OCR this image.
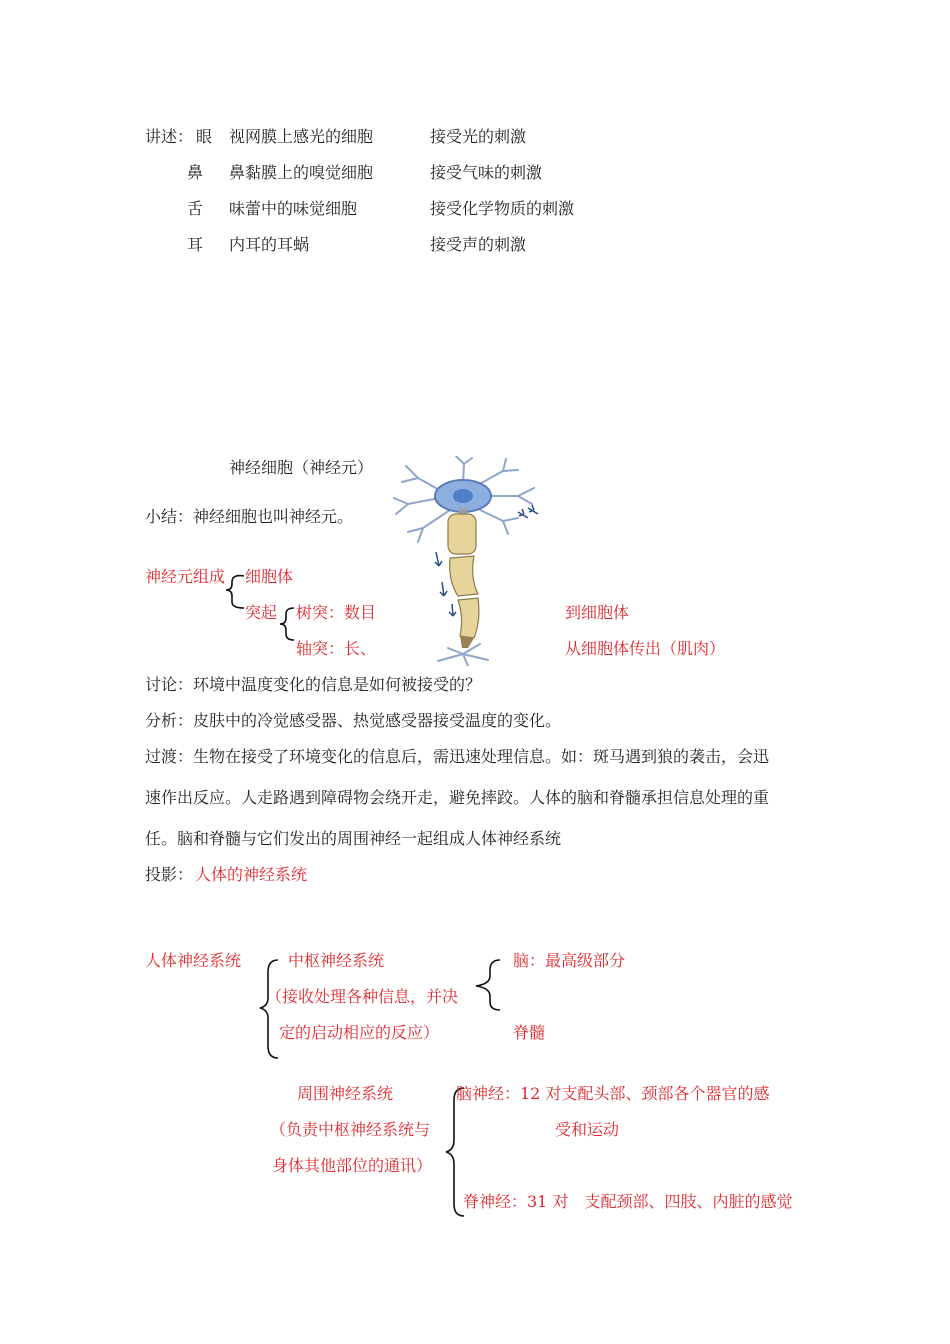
讲述： 眼 视网膜上感光的细胞	接受光的刺激
鼻 鼻黏膜上的嗅觉细胞	接受气味的刺激
舌 味蕾中的味觉细胞	接受化学物质的刺激
耳 内耳的耳蜗	接受声的刺激
神经细胞（神经元）
小结：神经细胞也叫神经元。
神经元组成 细胞体
突起 树突：数目
轴突：长、
到细胞体
从细胞体传出（肌肉）
讨论：环境中温度变化的信息是如何被接受的？
分析：皮肤中的冷觉感受器、热觉感受器接受温度的变化。
过渡：生物在接受了环境变化的信息后，需迅速处理信息。如：斑马遇到狼的袭击，会迅
速作出反应。人走路遇到障碍物会绕开走，避免摔跤。人体的脑和脊髓承担信息处理的重
任。脑和脊髓与它们发出的周围神经一起组成人体神经系统
投影： 人体的神经系统
人体神经系统	中枢神经系统
（接收处理各种信息，并决
定的启动相应的反应）
脑：最高级部分
脊髓
周围神经系统
（负责中枢神经系统与
身体其他部位的通讯）
脑神经：12 对支配头部、颈部各个器官的感
受和运动
脊神经：31 对　支配颈部、四肢、内脏的感觉
